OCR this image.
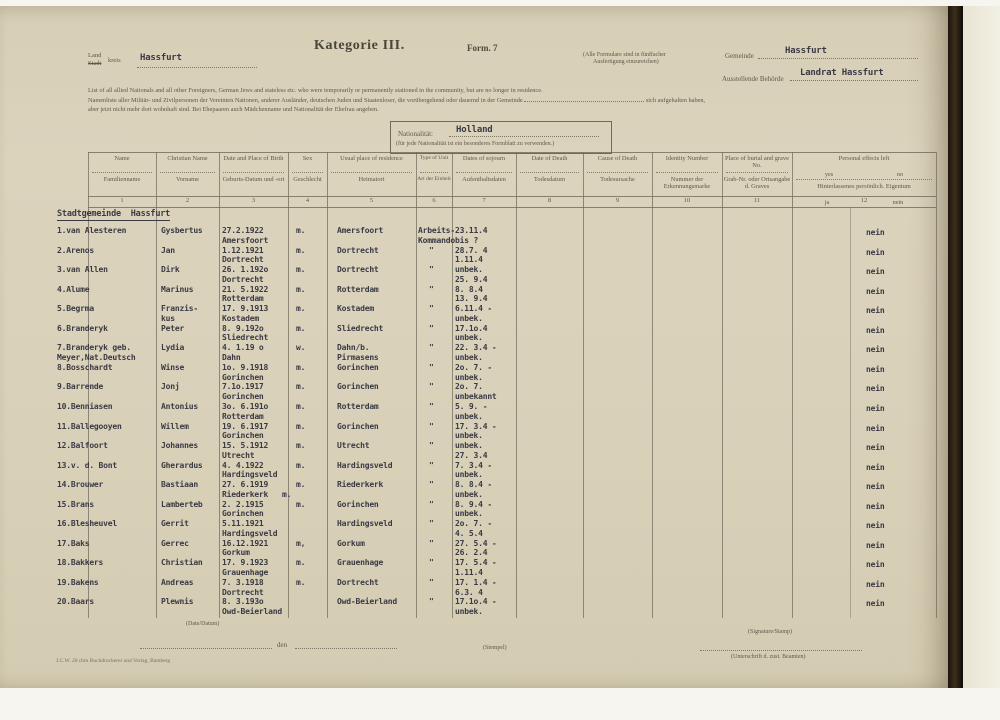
Land
Stadt kreis Hassfurt
Kategorie III.	Form. 7
(Alle Formulare sind in fünffacher
Ausfertigung einzureichen)
Gemeinde	Hassfurt
Ausstellende Behörde
Landrat Hassfurt
List of all allied Nationals and all other Foreigners, German Jews and stateless etc. who were temporarily or permanently stationed in the community, but are no longer in residence.
Namenliste aller Militär- und Zivilpersonen der Vereinten Nationen, anderer Ausländer, deutschen Juden und Staatenloser, die vorübergehend oder dauernd in der Gemeinde	sich aufgehalten haben,
aber jetzt nicht mehr dort wohnhaft sind. Bei Ehepaaren auch Mädchenname und Nationalität der Ehefrau angeben.
Nationalität:	Holland
(für jede Nationalität ist ein besonderes Formblatt zu verwenden.)
Name
Familienname
1
Christian Name
Vorname
2
Date and Place of Birth
Geburts-Datum und -ort
3
Sex
Geschlecht
4
Usual place of residence
Heimatort
5
Type of Unit
Art der Einheit
6
Dates of sojourn
Aufenthaltsdaten
7
Date of Death
Todesdatum
8
Cause of Death
Todesursache
9
Identity Number
Nummer der Erkennungsmarke
10
Place of burial and grave No.
Grab-Nr. oder Ortsangabe d. Graves
11
Personal effects left
yes	no
Hinterlassenes persönlich. Eigentum
ja	nein
12
1.van Alesteren	Gysbertus 27.2.1922
Amersfoort
m.	Amersfoort	Arbeits-
Kommando
23.11.4
bis ?
nein
2.Arenos	Jan	1.12.1921
Dortrecht
m.	Dortrecht	"	28.7. 4
1.11.4
nein
3.van Allen	Dirk	26. 1.192o
Dortrecht
m.	Dortrecht	"	unbek.
25. 9.4
nein
4.Alume	Marinus	21. 5.1922
Rotterdam
m.	Rotterdam	"	8. 8.4
13. 9.4
nein
5.Begrma	Franzis-
kus
17. 9.1913
Kostadem
m.	Kostadem	"	6.11.4 -
unbek.
nein
6.Branderyk	Peter	8. 9.192o
Sliedrecht
m.	Sliedrecht	"	17.1o.4
unbek.
nein
7.Branderyk geb.
Meyer,Nat.Deutsch
Lydia	4. 1.19 o
Dahn
w.	Dahn/b.
Pirmasens
"	22. 3.4 -
unbek.
nein
8.Bosschardt	Winse	1o. 9.1918
Gorinchen
m.	Gorinchen	"	2o. 7. -
unbek.
nein
9.Barrende	Jonj	7.1o.1917
Gorinchen
m.	Gorinchen	"	2o. 7.
unbekannt
nein
10.Benniasen	Antonius	3o. 6.191o
Rotterdam
m.	Rotterdam	"	5. 9. -
unbek.
nein
11.Ballegooyen	Willem	19. 6.1917
Gorinchen
m.	Gorinchen	"	17. 3.4 -
unbek.
nein
12.Balfoort	Johannes	15. 5.1912
Utrecht
m.	Utrecht	"	unbek.
27. 3.4
nein
13.v. d. Bont	Gherardus 4. 4.1922
Hardingsveld
m.	Hardingsveld	"	7. 3.4 -
unbek.
nein
14.Brouwer	Bastiaan	27. 6.1919
Riederkerk
m.
m.
Riederkerk	"	8. 8.4 -
unbek.
nein
15.Brans	Lamberteb 2. 2.1915
Gorinchen
m.	Gorinchen	"	8. 9.4 -
unbek.
nein
16.Blesheuvel	Gerrit	5.11.1921
Hardingsveld
Hardingsveld	"	2o. 7. -
4. 5.4
nein
17.Baks	Gerrec	16.12.1921
Gorkum
m,	Gorkum	"	27. 5.4 -
26. 2.4
nein
18.Bakkers	Christian 17. 9.1923
Grauenhage
m.	Grauenhage	"	17. 5.4 -
1.11.4
nein
19.Bakens	Andreas	7. 3.1918
Dortrecht
m.	Dortrecht	"	17. 1.4 -
6.3. 4
nein
20.Baars	Plewnis	8. 3.193o
Owd-Beierland
Owd-Beierland	"	17.1o.4 -
unbek.
nein
Stadtgemeinde  Hassfurt
(Date/Datum)
den	(Stempel)
(Signature/Stamp)
(Unterschrift d. zust. Beamten)
J.C.W. 20 cbm Buchdruckerei und Verlag, Bamberg
